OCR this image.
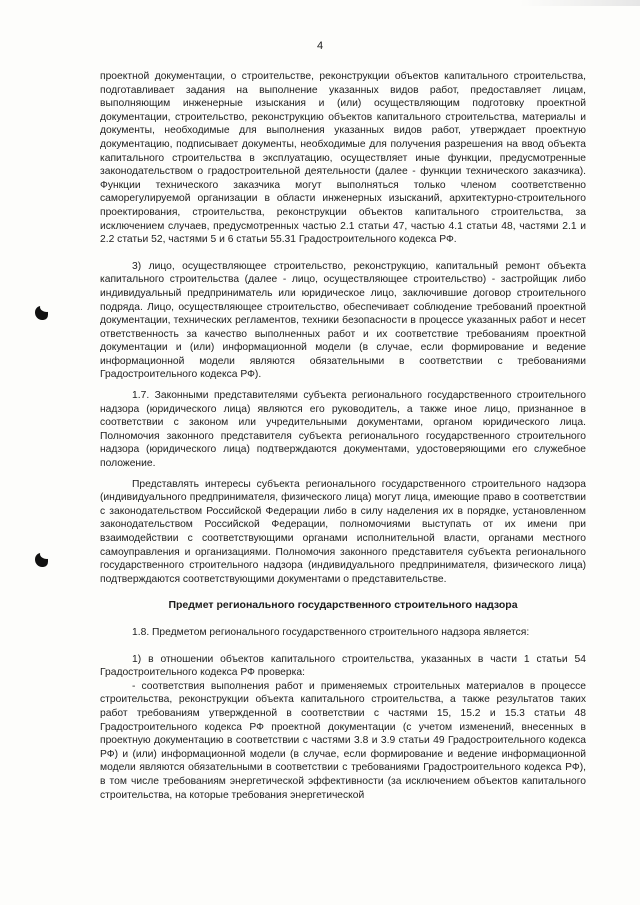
4

проектной документации, о строительстве, реконструкции объектов капитального строительства, подготавливает задания на выполнение указанных видов работ, предоставляет лицам, выполняющим инженерные изыскания и (или) осуществляющим подготовку проектной документации, строительство, реконструкцию объектов капитального строительства, материалы и документы, необходимые для выполнения указанных видов работ, утверждает проектную документацию, подписывает документы, необходимые для получения разрешения на ввод объекта капитального строительства в эксплуатацию, осуществляет иные функции, предусмотренные законодательством о градостроительной деятельности (далее - функции технического заказчика). Функции технического заказчика могут выполняться только членом соответственно саморегулируемой организации в области инженерных изысканий, архитектурно-строительного проектирования, строительства, реконструкции объектов капитального строительства, за исключением случаев, предусмотренных частью 2.1 статьи 47, частью 4.1 статьи 48, частями 2.1 и 2.2 статьи 52, частями 5 и 6 статьи 55.31 Градостроительного кодекса РФ.

3) лицо, осуществляющее строительство, реконструкцию, капитальный ремонт объекта капитального строительства (далее - лицо, осуществляющее строительство) - застройщик либо индивидуальный предприниматель или юридическое лицо, заключившие договор строительного подряда. Лицо, осуществляющее строительство, обеспечивает соблюдение требований проектной документации, технических регламентов, техники безопасности в процессе указанных работ и несет ответственность за качество выполненных работ и их соответствие требованиям проектной документации и (или) информационной модели (в случае, если формирование и ведение информационной модели являются обязательными в соответствии с требованиями Градостроительного кодекса РФ).

1.7. Законными представителями субъекта регионального государственного строительного надзора (юридического лица) являются его руководитель, а также иное лицо, признанное в соответствии с законом или учредительными документами, органом юридического лица. Полномочия законного представителя субъекта регионального государственного строительного надзора (юридического лица) подтверждаются документами, удостоверяющими его служебное положение.

Представлять интересы субъекта регионального государственного строительного надзора (индивидуального предпринимателя, физического лица) могут лица, имеющие право в соответствии с законодательством Российской Федерации либо в силу наделения их в порядке, установленном законодательством Российской Федерации, полномочиями выступать от их имени при взаимодействии с соответствующими органами исполнительной власти, органами местного самоуправления и организациями. Полномочия законного представителя субъекта регионального государственного строительного надзора (индивидуального предпринимателя, физического лица) подтверждаются соответствующими документами о представительстве.

Предмет регионального государственного строительного надзора

1.8. Предметом регионального государственного строительного надзора является:

1) в отношении объектов капитального строительства, указанных в части 1 статьи 54 Градостроительного кодекса РФ проверка:

- соответствия выполнения работ и применяемых строительных материалов в процессе строительства, реконструкции объекта капитального строительства, а также результатов таких работ требованиям утвержденной в соответствии с частями 15, 15.2 и 15.3 статьи 48 Градостроительного кодекса РФ проектной документации (с учетом изменений, внесенных в проектную документацию в соответствии с частями 3.8 и 3.9 статьи 49 Градостроительного кодекса РФ) и (или) информационной модели (в случае, если формирование и ведение информационной модели являются обязательными в соответствии с требованиями Градостроительного кодекса РФ), в том числе требованиям энергетической эффективности (за исключением объектов капитального строительства, на которые требования энергетической
